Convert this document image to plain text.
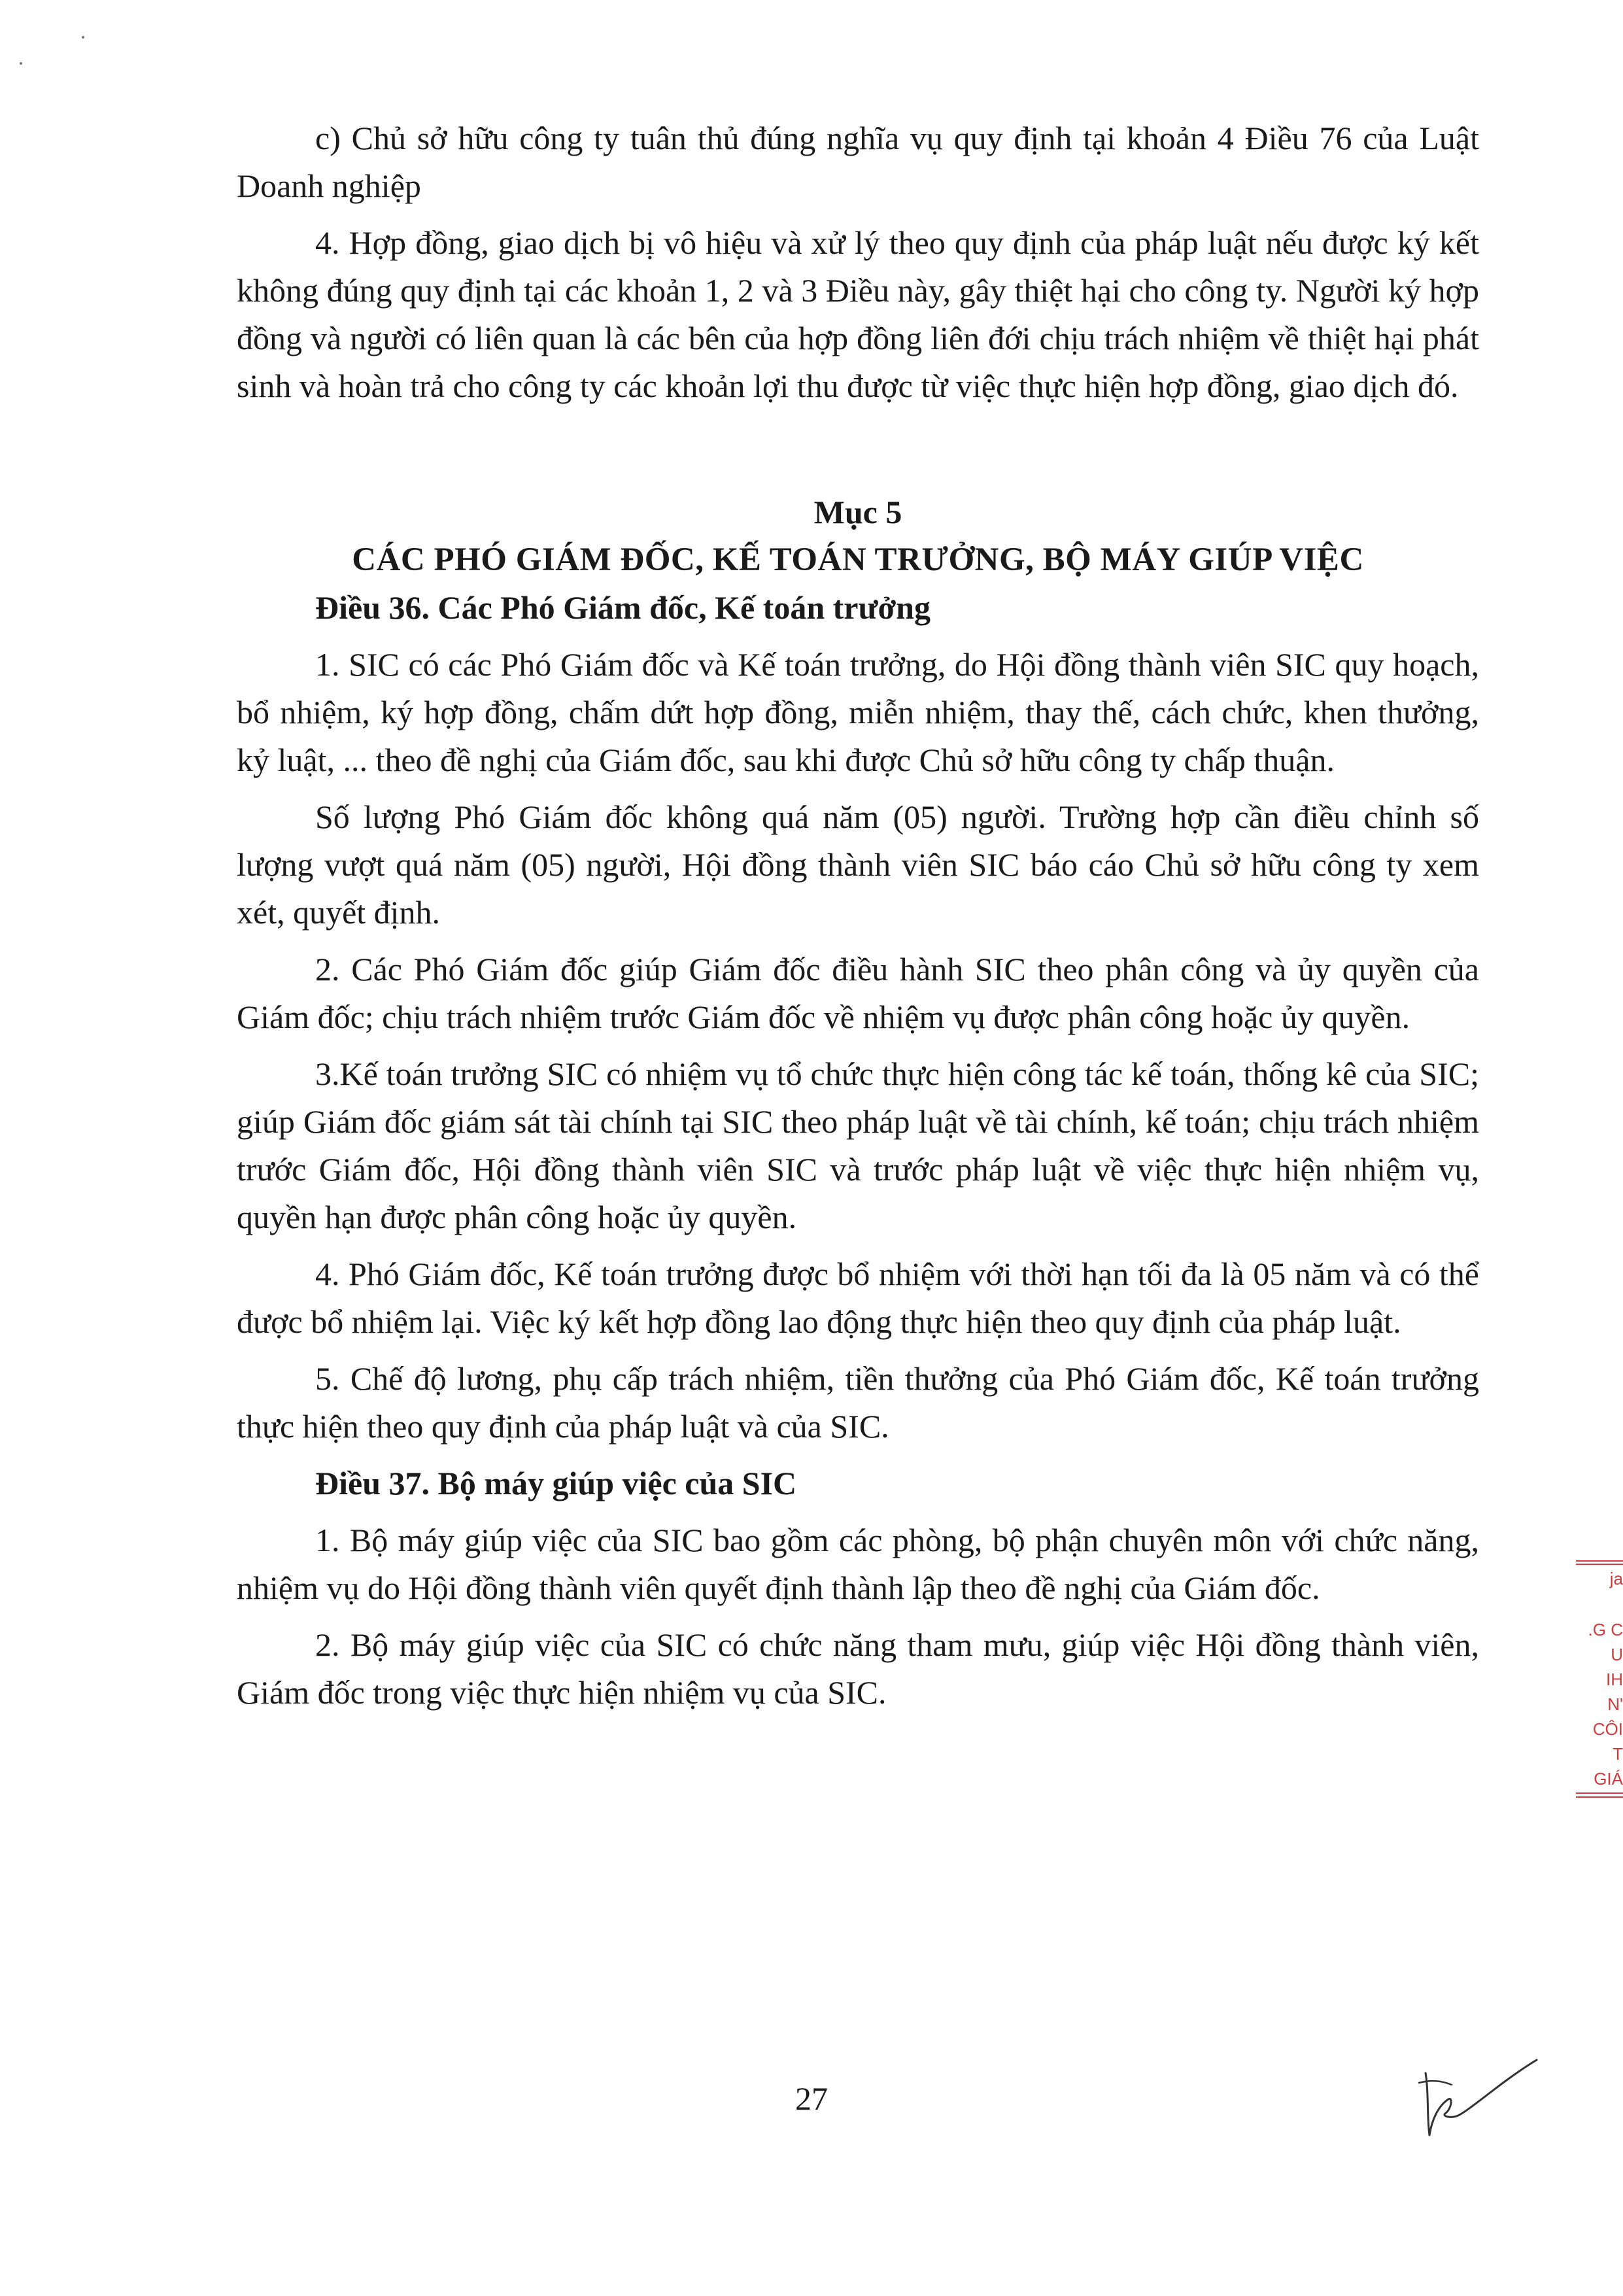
c) Chủ sở hữu công ty tuân thủ đúng nghĩa vụ quy định tại khoản 4 Điều 76 của Luật Doanh nghiệp

4. Hợp đồng, giao dịch bị vô hiệu và xử lý theo quy định của pháp luật nếu được ký kết không đúng quy định tại các khoản 1, 2 và 3 Điều này, gây thiệt hại cho công ty. Người ký hợp đồng và người có liên quan là các bên của hợp đồng liên đới chịu trách nhiệm về thiệt hại phát sinh và hoàn trả cho công ty các khoản lợi thu được từ việc thực hiện hợp đồng, giao dịch đó.

Mục 5

CÁC PHÓ GIÁM ĐỐC, KẾ TOÁN TRƯỞNG, BỘ MÁY GIÚP VIỆC

Điều 36. Các Phó Giám đốc, Kế toán trưởng

1. SIC có các Phó Giám đốc và Kế toán trưởng, do Hội đồng thành viên SIC quy hoạch, bổ nhiệm, ký hợp đồng, chấm dứt hợp đồng, miễn nhiệm, thay thế, cách chức, khen thưởng, kỷ luật, ... theo đề nghị của Giám đốc, sau khi được Chủ sở hữu công ty chấp thuận.

Số lượng Phó Giám đốc không quá năm (05) người. Trường hợp cần điều chỉnh số lượng vượt quá năm (05) người, Hội đồng thành viên SIC báo cáo Chủ sở hữu công ty xem xét, quyết định.

2. Các Phó Giám đốc giúp Giám đốc điều hành SIC theo phân công và ủy quyền của Giám đốc; chịu trách nhiệm trước Giám đốc về nhiệm vụ được phân công hoặc ủy quyền.

3.Kế toán trưởng SIC có nhiệm vụ tổ chức thực hiện công tác kế toán, thống kê của SIC; giúp Giám đốc giám sát tài chính tại SIC theo pháp luật về tài chính, kế toán; chịu trách nhiệm trước Giám đốc, Hội đồng thành viên SIC và trước pháp luật về việc thực hiện nhiệm vụ, quyền hạn được phân công hoặc ủy quyền.

4. Phó Giám đốc, Kế toán trưởng được bổ nhiệm với thời hạn tối đa là 05 năm và có thể được bổ nhiệm lại. Việc ký kết hợp đồng lao động thực hiện theo quy định của pháp luật.

5. Chế độ lương, phụ cấp trách nhiệm, tiền thưởng của Phó Giám đốc, Kế toán trưởng thực hiện theo quy định của pháp luật và của SIC.

Điều 37. Bộ máy giúp việc của SIC

1. Bộ máy giúp việc của SIC bao gồm các phòng, bộ phận chuyên môn với chức năng, nhiệm vụ do Hội đồng thành viên quyết định thành lập theo đề nghị của Giám đốc.

2. Bộ máy giúp việc của SIC có chức năng tham mưu, giúp việc Hội đồng thành viên, Giám đốc trong việc thực hiện nhiệm vụ của SIC.

27
ja
.G C
U
IH
N'
CÔI
T
GIÁ
